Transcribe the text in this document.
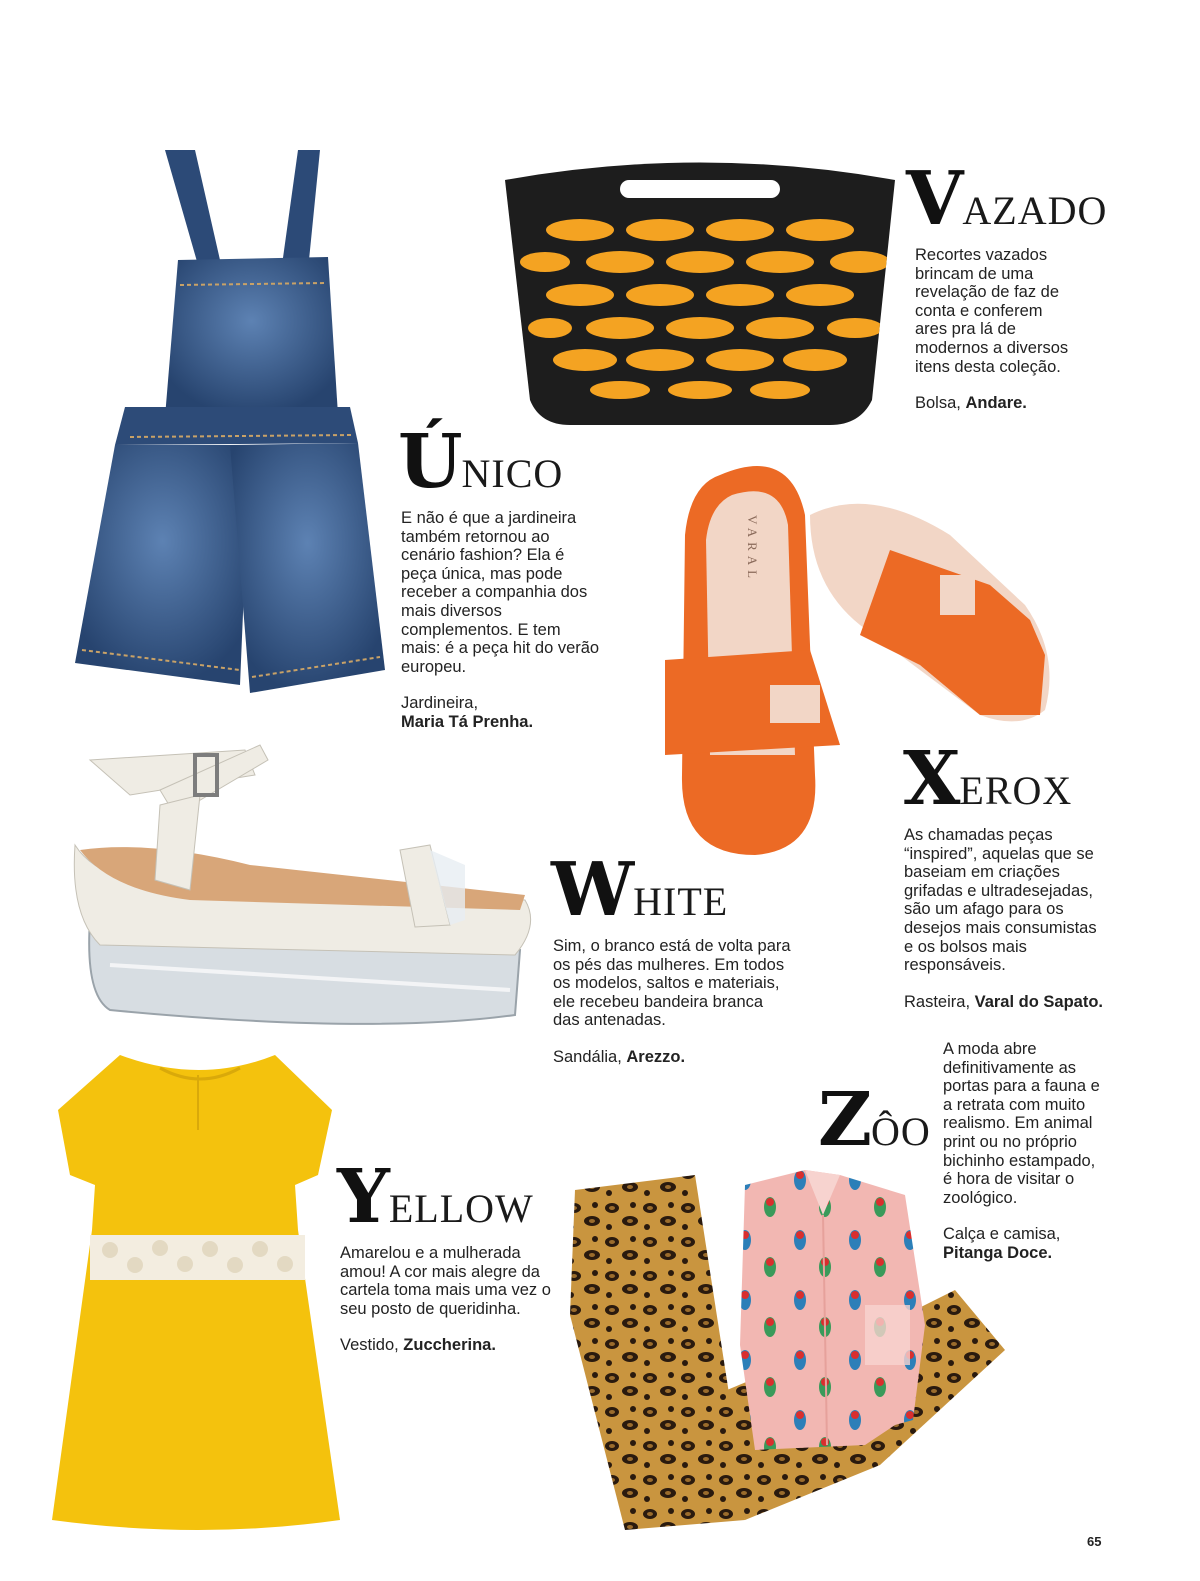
VARAL
V AZADO

Recortes vazados brincam de uma revelação de faz de conta e conferem ares pra lá de modernos a diversos itens desta coleção.

Bolsa, Andare.
Ú NICO

E não é que a jardineira também retornou ao cenário fashion? Ela é peça única, mas pode receber a companhia dos mais diversos complementos. E tem mais: é a peça hit do verão europeu.

Jardineira,
Maria Tá Prenha.
X EROX

As chamadas peças “inspired”, aquelas que se baseiam em criações grifadas e ultradesejadas, são um afago para os desejos mais consumistas e os bolsos mais responsáveis.

Rasteira, Varal do Sapato.
W HITE

Sim, o branco está de volta para os pés das mulheres. Em todos os modelos, saltos e materiais, ele recebeu bandeira branca das antenadas.

Sandália, Arezzo.
Z ÔO

A moda abre definitivamente as portas para a fauna e a retrata com muito realismo. Em animal print ou no próprio bichinho estampado, é hora de visitar o zoológico.

Calça e camisa,
Pitanga Doce.
Y ELLOW

Amarelou e a mulherada amou! A cor mais alegre da cartela toma mais uma vez o seu posto de queridinha.

Vestido, Zuccherina.
65
